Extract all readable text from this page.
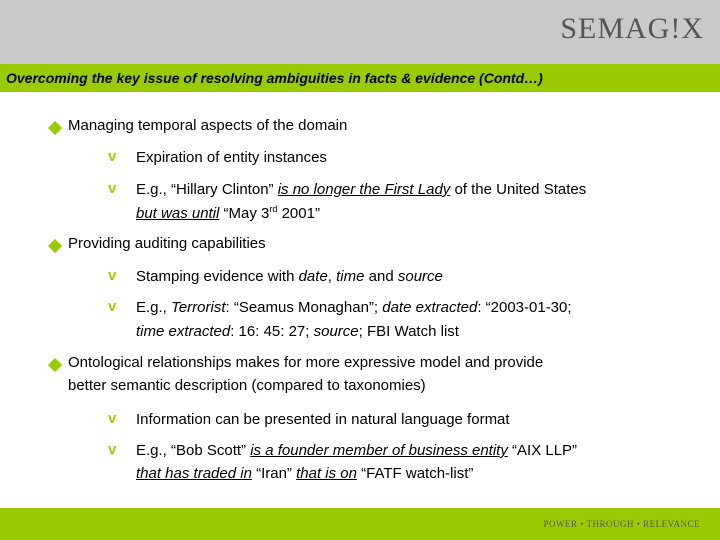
SEMAG!X
Overcoming the key issue of resolving ambiguities in facts & evidence (Contd…)
Managing temporal aspects of the domain
v Expiration of entity instances
v E.g., “Hillary Clinton” is no longer the First Lady of the United States
but was until “May 3rd 2001”
Providing auditing capabilities
v Stamping evidence with date, time and source
v E.g., Terrorist: “Seamus Monaghan”; date extracted: “2003-01-30;
time extracted: 16: 45: 27; source; FBI Watch list
Ontological relationships makes for more expressive model and provide
better semantic description (compared to taxonomies)
v Information can be presented in natural language format
v E.g., “Bob Scott” is a founder member of business entity “AIX LLP”
that has traded in “Iran” that is on “FATF watch-list”
POWER • THROUGH • RELEVANCE
